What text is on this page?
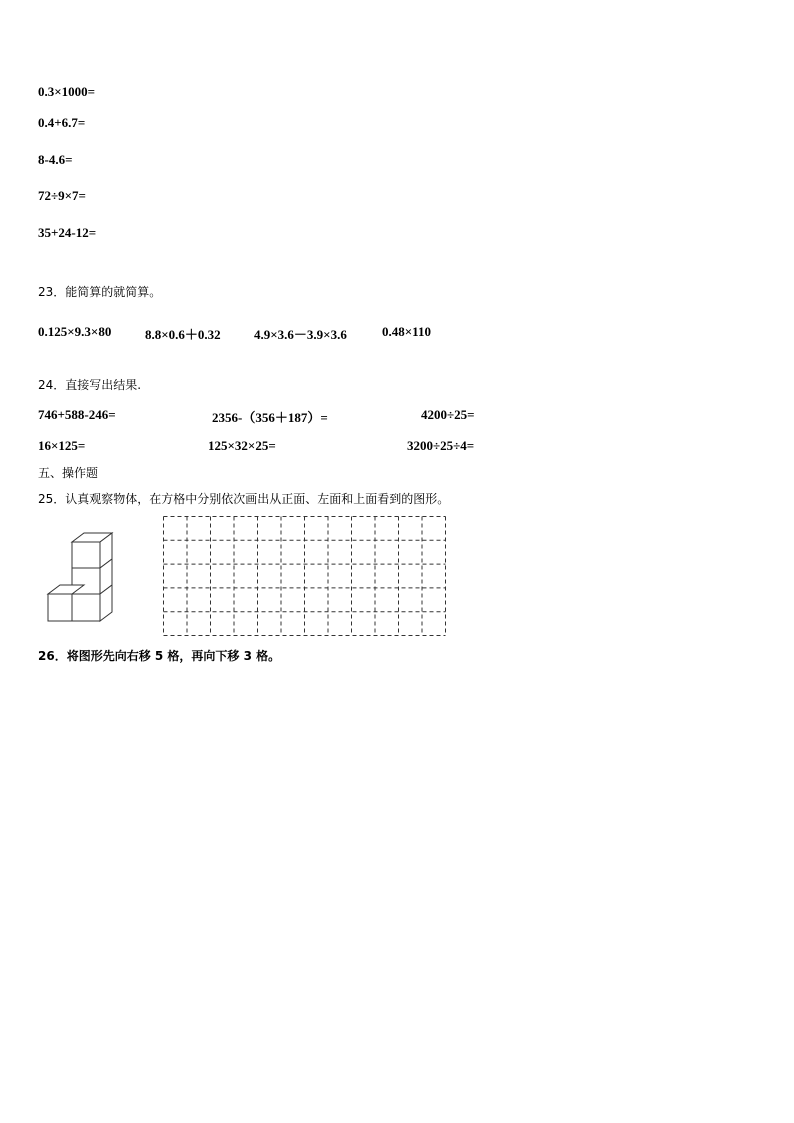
0.3×1000=
0.4+6.7=
8-4.6=
72÷9×7=
35+24-12=
23．能简算的就简算。
0.125×9.3×80	8.8×0.6＋0.32	4.9×3.6－3.9×3.6	0.48×110
24．直接写出结果.
746+588-246=	2356-（356＋187）=	4200÷25=
16×125=	125×32×25=	3200÷25÷4=
五、操作题
25．认真观察物体，在方格中分别依次画出从正面、左面和上面看到的图形。
26．将图形先向右移 5 格，再向下移 3 格。
